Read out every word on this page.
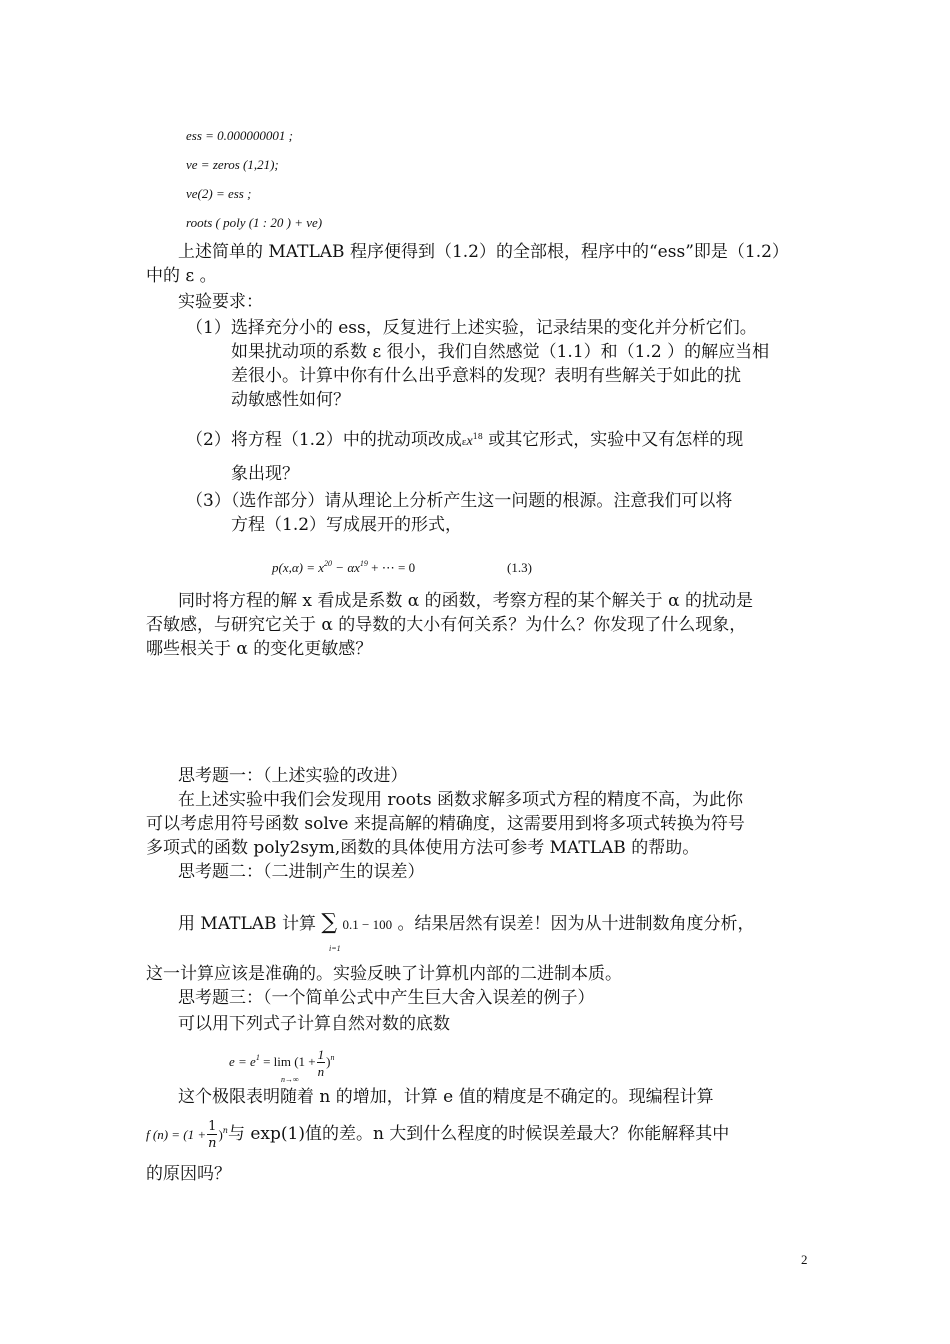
ess = 0.000000001 ;
ve = zeros (1,21);
ve(2) = ess ;
roots ( poly (1 : 20 ) + ve)
上述简单的 MATLAB 程序便得到（1.2）的全部根，程序中的“ess”即是（1.2）
中的 ε 。
实验要求：
（1）选择充分小的 ess，反复进行上述实验，记录结果的变化并分析它们。
如果扰动项的系数 ε 很小，我们自然感觉（1.1）和（1.2 ）的解应当相
差很小。计算中你有什么出乎意料的发现？表明有些解关于如此的扰
动敏感性如何？
（2）将方程（1.2）中的扰动项改成$\varepsilon x^{18}$ 或其它形式，实验中又有怎样的现
象出现？
（3）（选作部分）请从理论上分析产生这一问题的根源。注意我们可以将
方程（1.2）写成展开的形式，
$p(x,\alpha) = x^{20} - \alpha x^{19}$ + ⋯ = 0	(1.3)
同时将方程的解 x 看成是系数 α 的函数，考察方程的某个解关于 α 的扰动是
否敏感，与研究它关于 α 的导数的大小有何关系？为什么？你发现了什么现象，
哪些根关于 α 的变化更敏感？
思考题一：（上述实验的改进）
在上述实验中我们会发现用 roots 函数求解多项式方程的精度不高，为此你
可以考虑用符号函数 solve 来提高解的精确度，这需要用到将多项式转换为符号
多项式的函数 poly2sym,函数的具体使用方法可参考 MATLAB 的帮助。
思考题二：（二进制产生的误差）
用 MATLAB 计算 ∑ 0.1 − 100 。结果居然有误差！因为从十进制数角度分析，
i=1
这一计算应该是准确的。实验反映了计算机内部的二进制本质。
思考题三：（一个简单公式中产生巨大舍入误差的例子）
可以用下列式子计算自然对数的底数
$e = e^1 = \lim (1 + \frac{1}{n} )^n$
n→∞
这个极限表明随着 n 的增加，计算 e 值的精度是不确定的。现编程计算
f $(n) = (1 + \frac{1}{n} )^n$与 exp(1)值的差。n 大到什么程度的时候误差最大？你能解释其中
的原因吗？
2
